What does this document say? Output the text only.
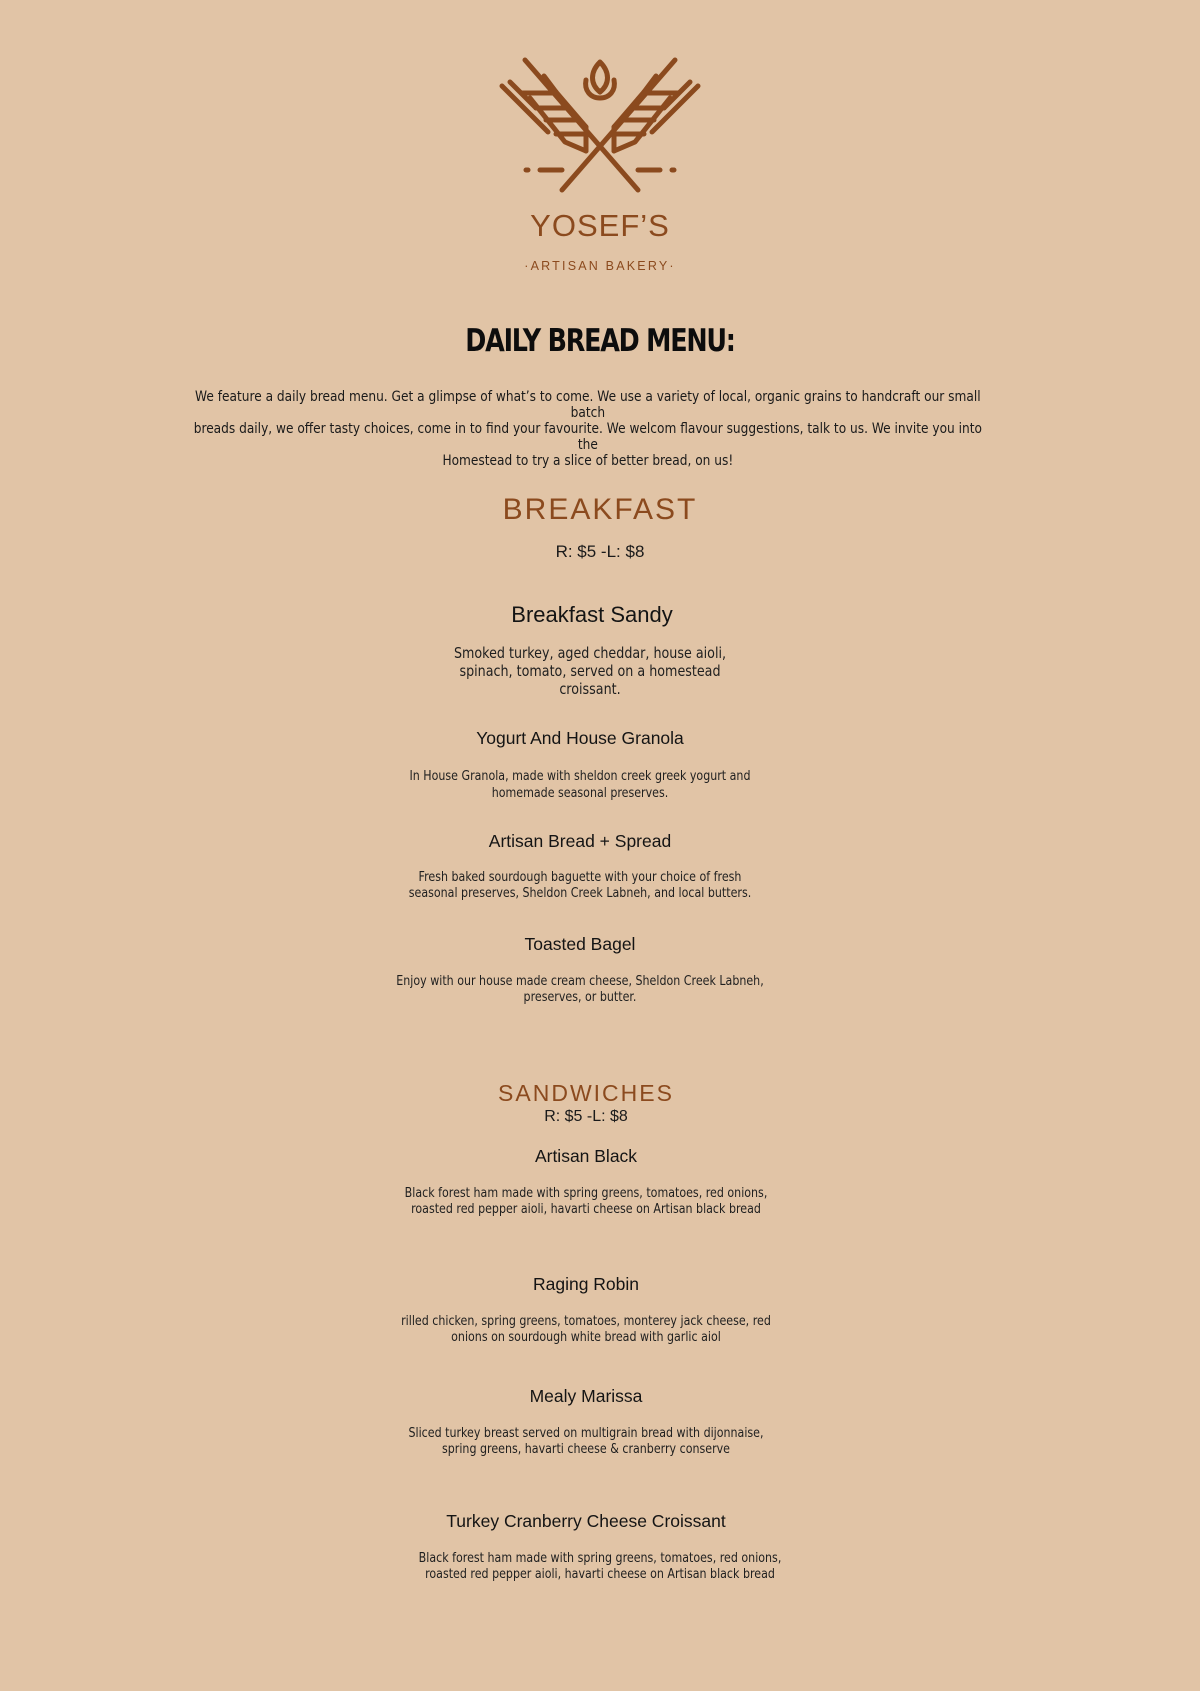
YOSEF’S
·ARTISAN BAKERY·
DAILY BREAD MENU:
We feature a daily bread menu. Get a glimpse of what’s to come. We use a variety of local, organic grains to handcraft our small batch
breads daily, we offer tasty choices, come in to find your favourite. We welcom flavour suggestions, talk to us. We invite you into the
Homestead to try a slice of better bread, on us!
BREAKFAST
R: $5 -L: $8
Breakfast Sandy
Smoked turkey, aged cheddar, house aioli,
spinach, tomato, served on a homestead
croissant.
Yogurt And House Granola
In House Granola, made with sheldon creek greek yogurt and
homemade seasonal preserves.
Artisan Bread + Spread
Fresh baked sourdough baguette with your choice of fresh
seasonal preserves, Sheldon Creek Labneh, and local butters.
Toasted Bagel
Enjoy with our house made cream cheese, Sheldon Creek Labneh,
preserves, or butter.
SANDWICHES
R: $5 -L: $8
Artisan Black
Black forest ham made with spring greens, tomatoes, red onions,
roasted red pepper aioli, havarti cheese on Artisan black bread
Raging Robin
rilled chicken, spring greens, tomatoes, monterey jack cheese, red
onions on sourdough white bread with garlic aiol
Mealy Marissa
Sliced turkey breast served on multigrain bread with dijonnaise,
spring greens, havarti cheese & cranberry conserve
Turkey Cranberry Cheese Croissant
Black forest ham made with spring greens, tomatoes, red onions,
roasted red pepper aioli, havarti cheese on Artisan black bread
